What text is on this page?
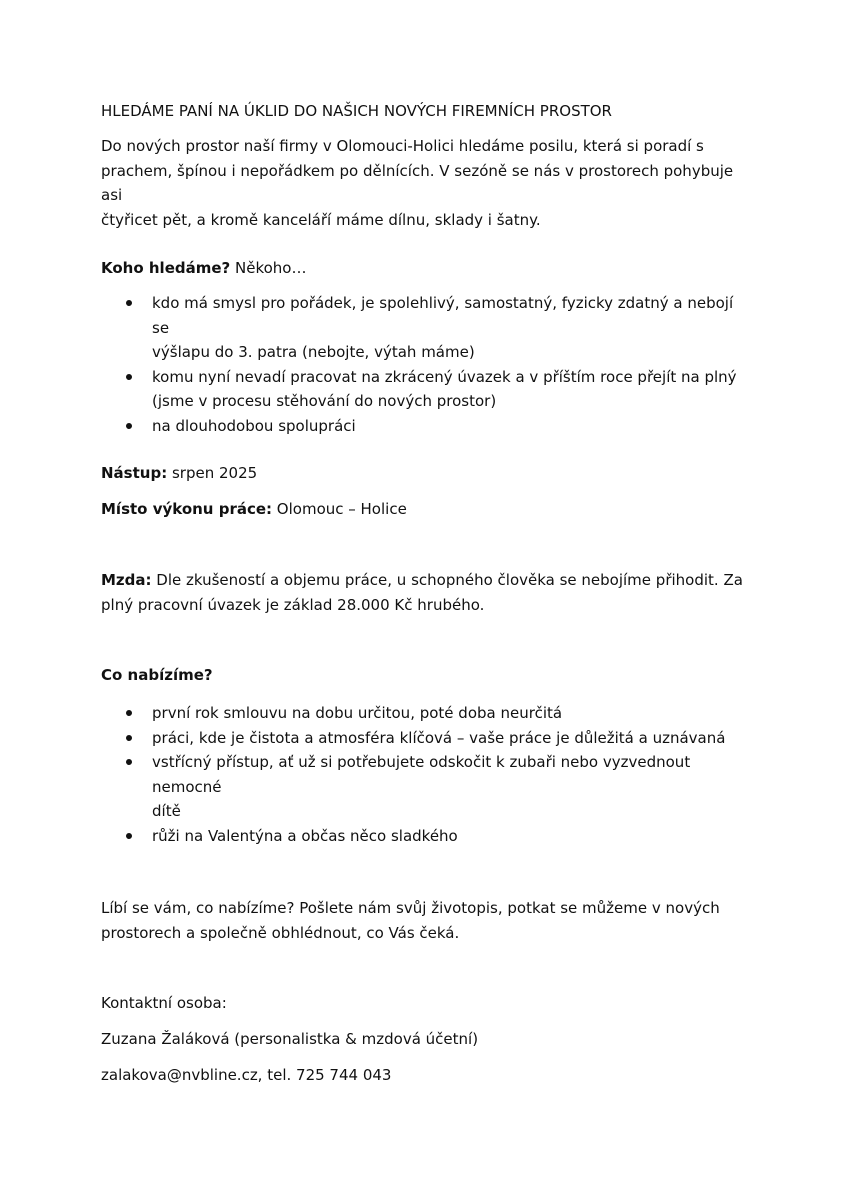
HLEDÁME PANÍ NA ÚKLID DO NAŠICH NOVÝCH FIREMNÍCH PROSTOR
Do nových prostor naší firmy v Olomouci-Holici hledáme posilu, která si poradí s
prachem, špínou i nepořádkem po dělnících. V sezóně se nás v prostorech pohybuje asi
čtyřicet pět, a kromě kanceláří máme dílnu, sklady i šatny.
Koho hledáme? Někoho…
kdo má smysl pro pořádek, je spolehlivý, samostatný, fyzicky zdatný a nebojí se
výšlapu do 3. patra (nebojte, výtah máme)
komu nyní nevadí pracovat na zkrácený úvazek a v příštím roce přejít na plný
(jsme v procesu stěhování do nových prostor)
na dlouhodobou spolupráci
Nástup: srpen 2025
Místo výkonu práce: Olomouc – Holice
Mzda: Dle zkušeností a objemu práce, u schopného člověka se nebojíme přihodit. Za
plný pracovní úvazek je základ 28.000 Kč hrubého.
Co nabízíme?
první rok smlouvu na dobu určitou, poté doba neurčitá
práci, kde je čistota a atmosféra klíčová – vaše práce je důležitá a uznávaná
vstřícný přístup, ať už si potřebujete odskočit k zubaři nebo vyzvednout nemocné
dítě
růži na Valentýna a občas něco sladkého
Líbí se vám, co nabízíme? Pošlete nám svůj životopis, potkat se můžeme v nových
prostorech a společně obhlédnout, co Vás čeká.
Kontaktní osoba:
Zuzana Žaláková (personalistka & mzdová účetní)
zalakova@nvbline.cz, tel. 725 744 043
